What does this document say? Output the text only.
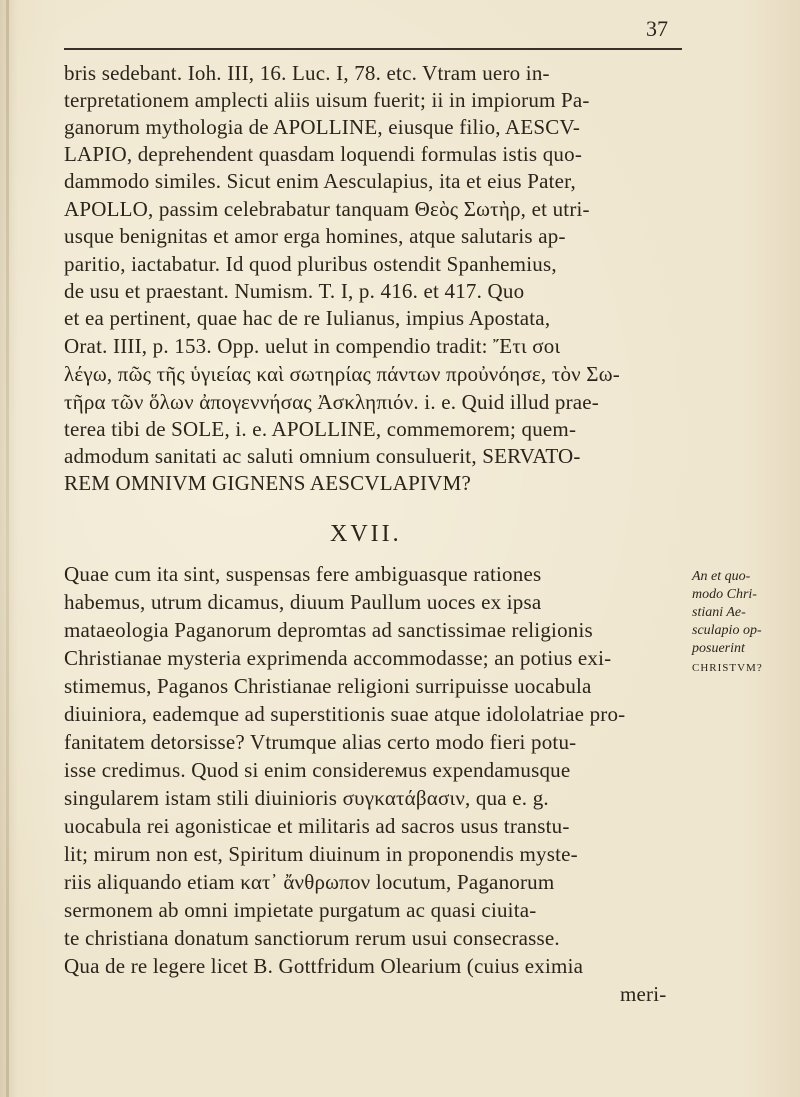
37
bris sedebant. Ioh. III, 16. Luc. I, 78. etc. Vtram uero in-
terpretationem amplecti aliis uisum fuerit; ii in impiorum Pa-
ganorum mythologia de APOLLINE, eiusque filio, AESCV-
LAPIO, deprehendent quasdam loquendi formulas istis quo-
dammodo similes. Sicut enim Aesculapius, ita et eius Pater,
APOLLO, passim celebrabatur tanquam Θεὸς Σωτὴρ, et utri-
usque benignitas et amor erga homines, atque salutaris ap-
paritio, iactabatur. Id quod pluribus ostendit Spanhemius,
de usu et praestant. Numism. T. I, p. 416. et 417. Quo
et ea pertinent, quae hac de re Iulianus, impius Apostata,
Orat. IIII, p. 153. Opp. uelut in compendio tradit: Ἔτι σοι
λέγω, πῶς τῆς ὑγιείας καὶ σωτηρίας πάντων προὐνόησε, τὸν Σω-
τῆρα τῶν ὅλων ἀπογεννήσας Ἀσκληπιόν. i. e. Quid illud prae-
terea tibi de SOLE, i. e. APOLLINE, commemorem; quem-
admodum sanitati ac saluti omnium consuluerit, SERVATO-
REM OMNIVM GIGNENS AESCVLAPIVM?
XVII.
Quae cum ita sint, suspensas fere ambiguasque rationes
habemus, utrum dicamus, diuum Paullum uoces ex ipsa
mataeologia Paganorum depromtas ad sanctissimae religionis
Christianae mysteria exprimenda accommodasse; an potius exi-
stimemus, Paganos Christianae religioni surripuisse uocabula
diuiniora, eademque ad superstitionis suae atque idololatriae pro-
fanitatem detorsisse? Vtrumque alias certo modo fieri potu-
isse credimus. Quod si enim considerемus expendamusque
singularem istam stili diuinioris συγκατάβασιν, qua e. g.
uocabula rei agonisticae et militaris ad sacros usus transtu-
lit; mirum non est, Spiritum diuinum in proponendis myste-
riis aliquando etiam κατ᾽ ἄνθρωπον locutum, Paganorum
sermonem ab omni impietate purgatum ac quasi ciuita-
te christiana donatum sanctiorum rerum usui consecrasse.
Qua de re legere licet B. Gottfridum Olearium (cuius eximia
meri-
An et quo-
modo Chri-
stiani Ae-
sculapio op-
posuerint
CHRISTVM?
